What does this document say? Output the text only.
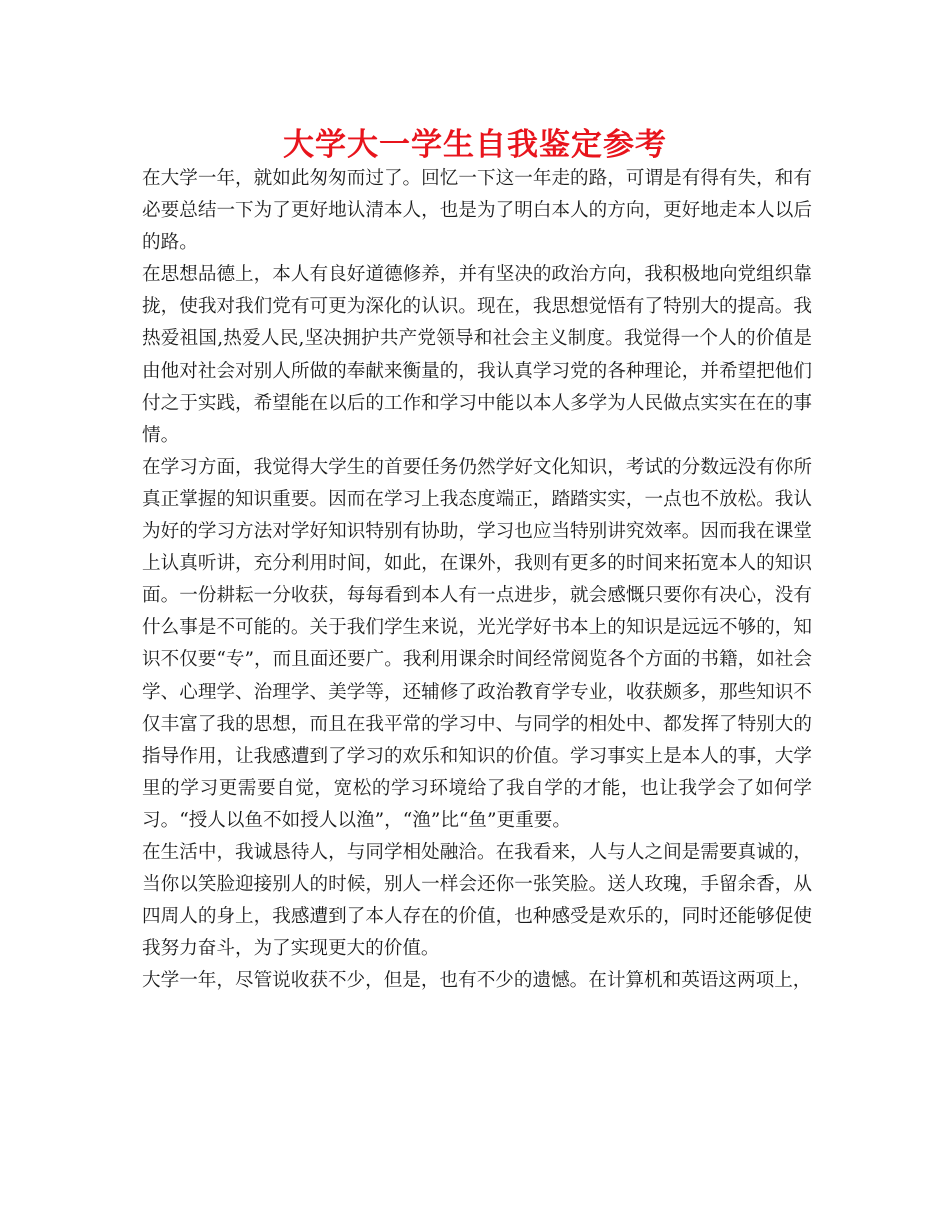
大学大一学生自我鉴定参考

在大学一年，就如此匆匆而过了。回忆一下这一年走的路，可谓是有得有失，和有必要总结一下为了更好地认清本人，也是为了明白本人的方向，更好地走本人以后的路。

在思想品德上，本人有良好道德修养，并有坚决的政治方向，我积极地向党组织靠拢，使我对我们党有可更为深化的认识。现在，我思想觉悟有了特别大的提高。我热爱祖国,热爱人民,坚决拥护共产党领导和社会主义制度。我觉得一个人的价值是由他对社会对别人所做的奉献来衡量的，我认真学习党的各种理论，并希望把他们付之于实践，希望能在以后的工作和学习中能以本人多学为人民做点实实在在的事情。

在学习方面，我觉得大学生的首要任务仍然学好文化知识，考试的分数远没有你所真正掌握的知识重要。因而在学习上我态度端正，踏踏实实，一点也不放松。我认为好的学习方法对学好知识特别有协助，学习也应当特别讲究效率。因而我在课堂上认真听讲，充分利用时间，如此，在课外，我则有更多的时间来拓宽本人的知识面。一份耕耘一分收获，每每看到本人有一点进步，就会感慨只要你有决心，没有什么事是不可能的。关于我们学生来说，光光学好书本上的知识是远远不够的，知识不仅要“专”，而且面还要广。我利用课余时间经常阅览各个方面的书籍，如社会学、心理学、治理学、美学等，还辅修了政治教育学专业，收获颇多，那些知识不仅丰富了我的思想，而且在我平常的学习中、与同学的相处中、都发挥了特别大的指导作用，让我感遭到了学习的欢乐和知识的价值。学习事实上是本人的事，大学里的学习更需要自觉，宽松的学习环境给了我自学的才能，也让我学会了如何学习。“授人以鱼不如授人以渔”，“渔”比“鱼”更重要。

在生活中，我诚恳待人，与同学相处融洽。在我看来，人与人之间是需要真诚的，当你以笑脸迎接别人的时候，别人一样会还你一张笑脸。送人玫瑰，手留余香，从四周人的身上，我感遭到了本人存在的价值，也种感受是欢乐的，同时还能够促使我努力奋斗，为了实现更大的价值。

大学一年，尽管说收获不少，但是，也有不少的遗憾。在计算机和英语这两项上，
